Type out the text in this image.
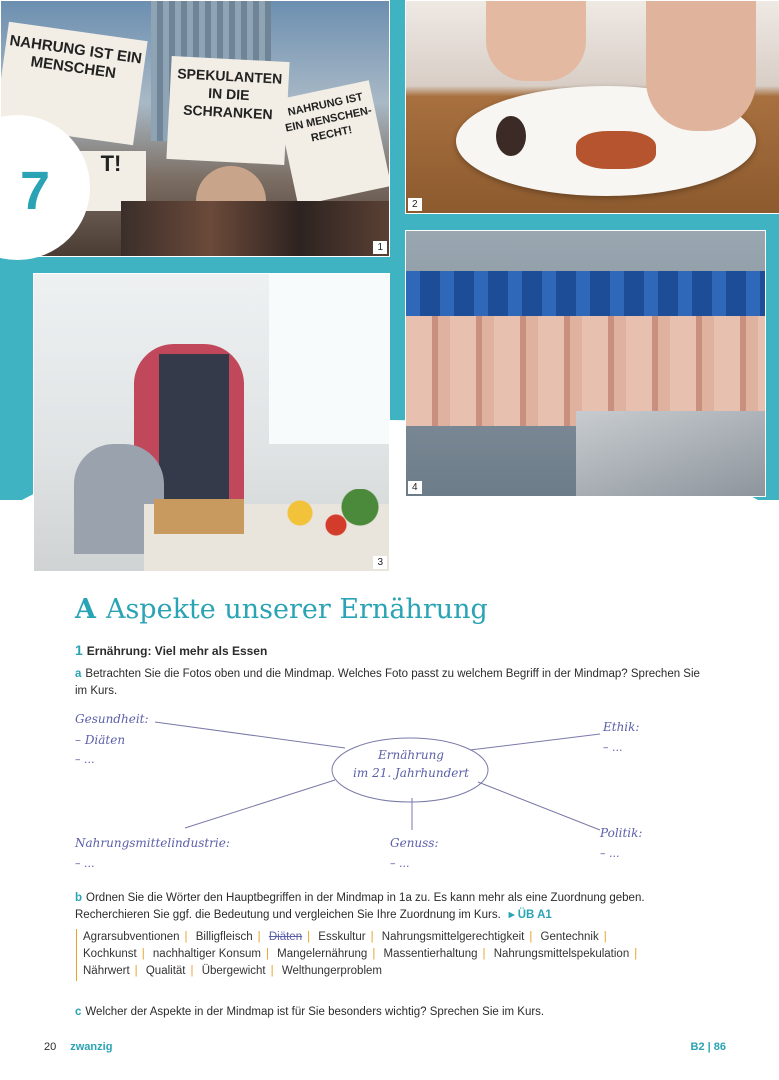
NAHRUNG IST EIN MENSCHEN	SPEKULANTEN IN DIE SCHRANKEN	NAHRUNG IST EIN MENSCHEN- RECHT!
T!
1
2
3
4
7
A Aspekte unserer Ernährung
1 Ernährung: Viel mehr als Essen
a Betrachten Sie die Fotos oben und die Mindmap. Welches Foto passt zu welchem Begriff in der Mindmap? Sprechen Sie im Kurs.
Ernährung
im 21. Jahrhundert
Gesundheit:
– Diäten
– ...
Ethik:
– ...
Nahrungsmittelindustrie:
– ...
Genuss:
– ...
Politik:
– ...
b Ordnen Sie die Wörter den Hauptbegriffen in der Mindmap in 1a zu. Es kann mehr als eine Zuordnung geben. Recherchieren Sie ggf. die Bedeutung und vergleichen Sie Ihre Zuordnung im Kurs. ▸ ÜB A1
Agrarsubventionen | Billigfleisch | Diäten | Esskultur | Nahrungsmittelgerechtigkeit | Gentechnik |
Kochkunst | nachhaltiger Konsum | Mangelernährung | Massentierhaltung | Nahrungsmittelspekulation |
Nährwert | Qualität | Übergewicht | Welthungerproblem
c Welcher der Aspekte in der Mindmap ist für Sie besonders wichtig? Sprechen Sie im Kurs.
20 zwanzig	B2 | 86
